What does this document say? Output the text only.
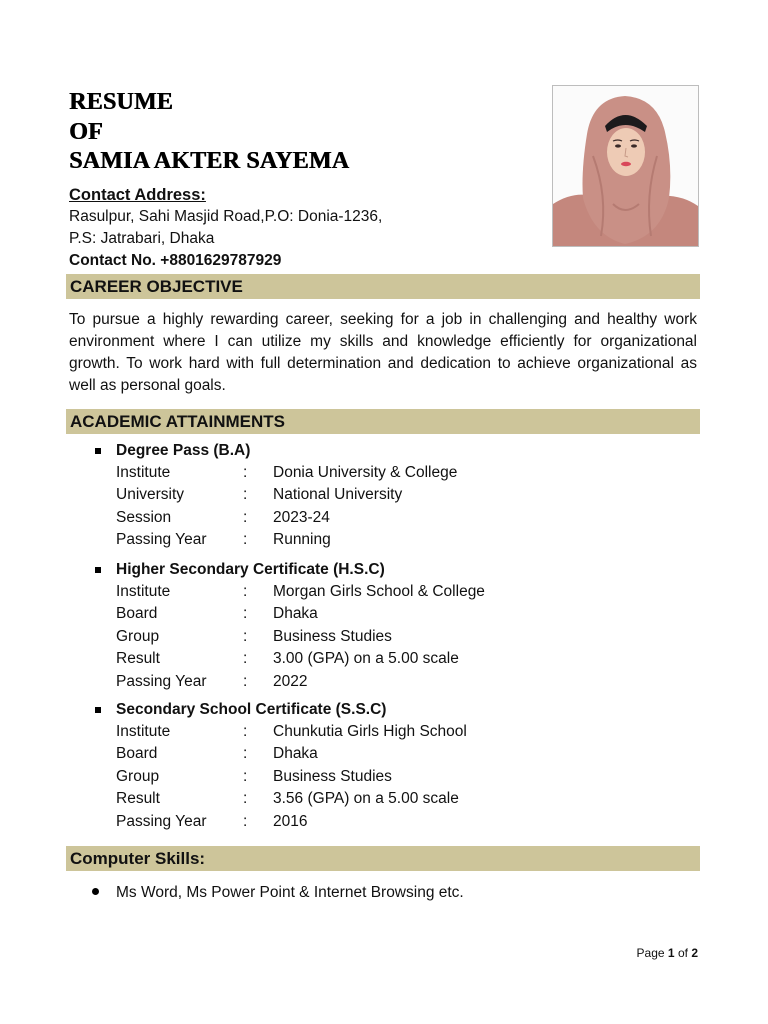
RESUME
OF
SAMIA AKTER SAYEMA
Contact Address:
Rasulpur, Sahi Masjid Road,P.O: Donia-1236,
P.S: Jatrabari, Dhaka
Contact No. +8801629787929
CAREER OBJECTIVE
To pursue a highly rewarding career, seeking for a job in challenging and healthy work environment where I can utilize my skills and knowledge efficiently for organizational growth. To work hard with full determination and dedication to achieve organizational as well as personal goals.
ACADEMIC ATTAINMENTS
Degree Pass (B.A)
Institute	: Donia University & College
University	: National University
Session	: 2023-24
Passing Year : Running
Higher Secondary Certificate (H.S.C)
Institute	: Morgan Girls School & College
Board	: Dhaka
Group	: Business Studies
Result	: 3.00 (GPA) on a 5.00 scale
Passing Year : 2022
Secondary School Certificate (S.S.C)
Institute	: Chunkutia Girls High School
Board	: Dhaka
Group	: Business Studies
Result	: 3.56 (GPA) on a 5.00 scale
Passing Year : 2016
Computer Skills:
Ms Word, Ms Power Point & Internet Browsing etc.
Page 1 of 2
